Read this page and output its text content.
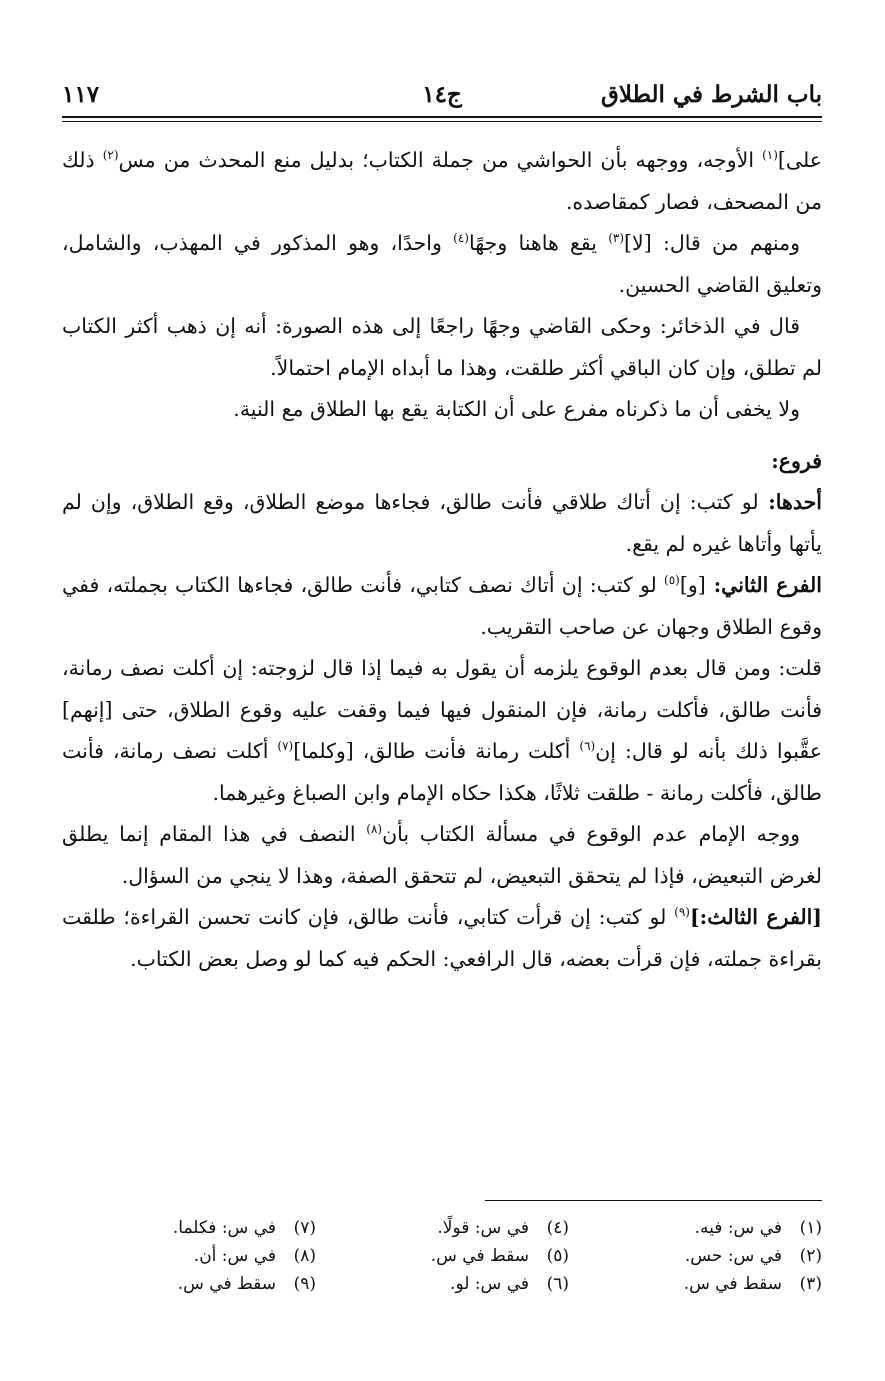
باب الشرط في الطلاق
ج١٤
١١٧

على]$^{(١)}$ الأوجه، ووجهه بأن الحواشي من جملة الكتاب؛ بدليل منع المحدث من مس$^{(٢)}$ ذلك من المصحف، فصار كمقاصده.

ومنهم من قال: [لا]$^{(٣)}$ يقع هاهنا وجهًا$^{(٤)}$ واحدًا، وهو المذكور في المهذب، والشامل، وتعليق القاضي الحسين.

قال في الذخائر: وحكى القاضي وجهًا راجعًا إلى هذه الصورة: أنه إن ذهب أكثر الكتاب لم تطلق، وإن كان الباقي أكثر طلقت، وهذا ما أبداه الإمام احتمالاً.

ولا يخفى أن ما ذكرناه مفرع على أن الكتابة يقع بها الطلاق مع النية.

فروع:

أحدها: لو كتب: إن أتاك طلاقي فأنت طالق، فجاءها موضع الطلاق، وقع الطلاق، وإن لم يأتها وأتاها غيره لم يقع.

الفرع الثاني: [و]$^{(٥)}$ لو كتب: إن أتاك نصف كتابي، فأنت طالق، فجاءها الكتاب بجملته، ففي وقوع الطلاق وجهان عن صاحب التقريب.

قلت: ومن قال بعدم الوقوع يلزمه أن يقول به فيما إذا قال لزوجته: إن أكلت نصف رمانة، فأنت طالق، فأكلت رمانة، فإن المنقول فيها فيما وقفت عليه وقوع الطلاق، حتى [إنهم] عقَّبوا ذلك بأنه لو قال: إن$^{(٦)}$ أكلت رمانة فأنت طالق، [وكلما]$^{(٧)}$ أكلت نصف رمانة، فأنت طالق، فأكلت رمانة - طلقت ثلاثًا، هكذا حكاه الإمام وابن الصباغ وغيرهما.

ووجه الإمام عدم الوقوع في مسألة الكتاب بأن$^{(٨)}$ النصف في هذا المقام إنما يطلق لغرض التبعيض، فإذا لم يتحقق التبعيض، لم تتحقق الصفة، وهذا لا ينجي من السؤال.

[الفرع الثالث:]$^{(٩)}$ لو كتب: إن قرأت كتابي، فأنت طالق، فإن كانت تحسن القراءة؛ طلقت بقراءة جملته، فإن قرأت بعضه، قال الرافعي: الحكم فيه كما لو وصل بعض الكتاب.

(١)في س: فيه.
(٢)في س: حس.
(٣)سقط في س.
(٤)في س: قولًا.
(٥)سقط في س.
(٦)في س: لو.
(٧)في س: فكلما.
(٨)في س: أن.
(٩)سقط في س.
